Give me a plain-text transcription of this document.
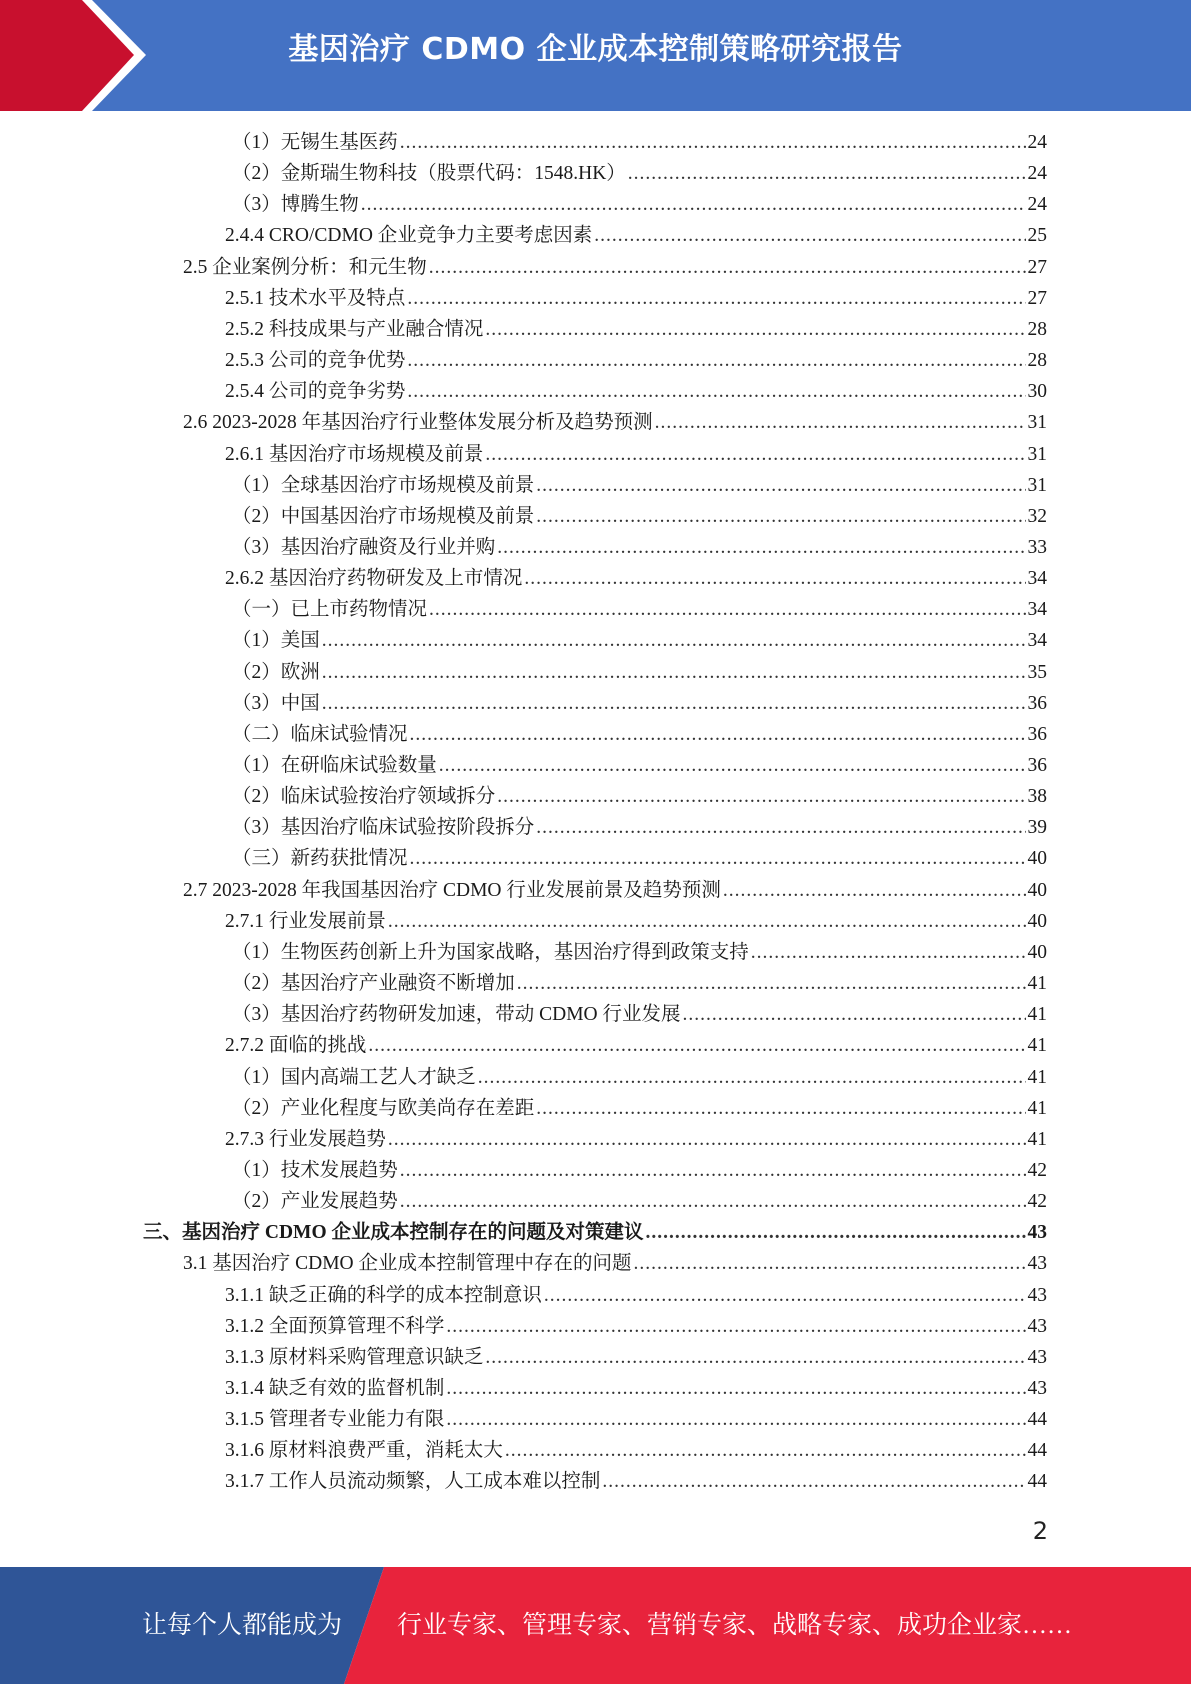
基因治疗 CDMO 企业成本控制策略研究报告
（1）无锡生基医药 .....	24
（2）金斯瑞生物科技（股票代码：1548.HK） .....	24
（3）博腾生物 .....	24
2.4.4 CRO/CDMO 企业竞争力主要考虑因素 .....	25
2.5 企业案例分析：和元生物 .....	27
2.5.1 技术水平及特点 .....	27
2.5.2 科技成果与产业融合情况 .....	28
2.5.3 公司的竞争优势 .....	28
2.5.4 公司的竞争劣势 .....	30
2.6 2023-2028 年基因治疗行业整体发展分析及趋势预测 .....	31
2.6.1 基因治疗市场规模及前景 .....	31
（1）全球基因治疗市场规模及前景 .....	31
（2）中国基因治疗市场规模及前景 .....	32
（3）基因治疗融资及行业并购 .....	33
2.6.2 基因治疗药物研发及上市情况 .....	34
（一）已上市药物情况 .....	34
（1）美国 .....	34
（2）欧洲 .....	35
（3）中国 .....	36
（二）临床试验情况 .....	36
（1）在研临床试验数量 .....	36
（2）临床试验按治疗领域拆分 .....	38
（3）基因治疗临床试验按阶段拆分 .....	39
（三）新药获批情况 .....	40
2.7 2023-2028 年我国基因治疗 CDMO 行业发展前景及趋势预测 .....	40
2.7.1 行业发展前景 .....	40
（1）生物医药创新上升为国家战略，基因治疗得到政策支持 .....	40
（2）基因治疗产业融资不断增加 .....	41
（3）基因治疗药物研发加速，带动 CDMO 行业发展 .....	41
2.7.2 面临的挑战 .....	41
（1）国内高端工艺人才缺乏 .....	41
（2）产业化程度与欧美尚存在差距 .....	41
2.7.3 行业发展趋势 .....	41
（1）技术发展趋势 .....	42
（2）产业发展趋势 .....	42
三、基因治疗 CDMO 企业成本控制存在的问题及对策建议 .....	43
3.1 基因治疗 CDMO 企业成本控制管理中存在的问题 .....	43
3.1.1 缺乏正确的科学的成本控制意识 .....	43
3.1.2 全面预算管理不科学 .....	43
3.1.3 原材料采购管理意识缺乏 .....	43
3.1.4 缺乏有效的监督机制 .....	43
3.1.5 管理者专业能力有限 .....	44
3.1.6 原材料浪费严重，消耗太大 .....	44
3.1.7 工作人员流动频繁，人工成本难以控制 .....	44
2
让每个人都能成为 行业专家、管理专家、营销专家、战略专家、成功企业家……
